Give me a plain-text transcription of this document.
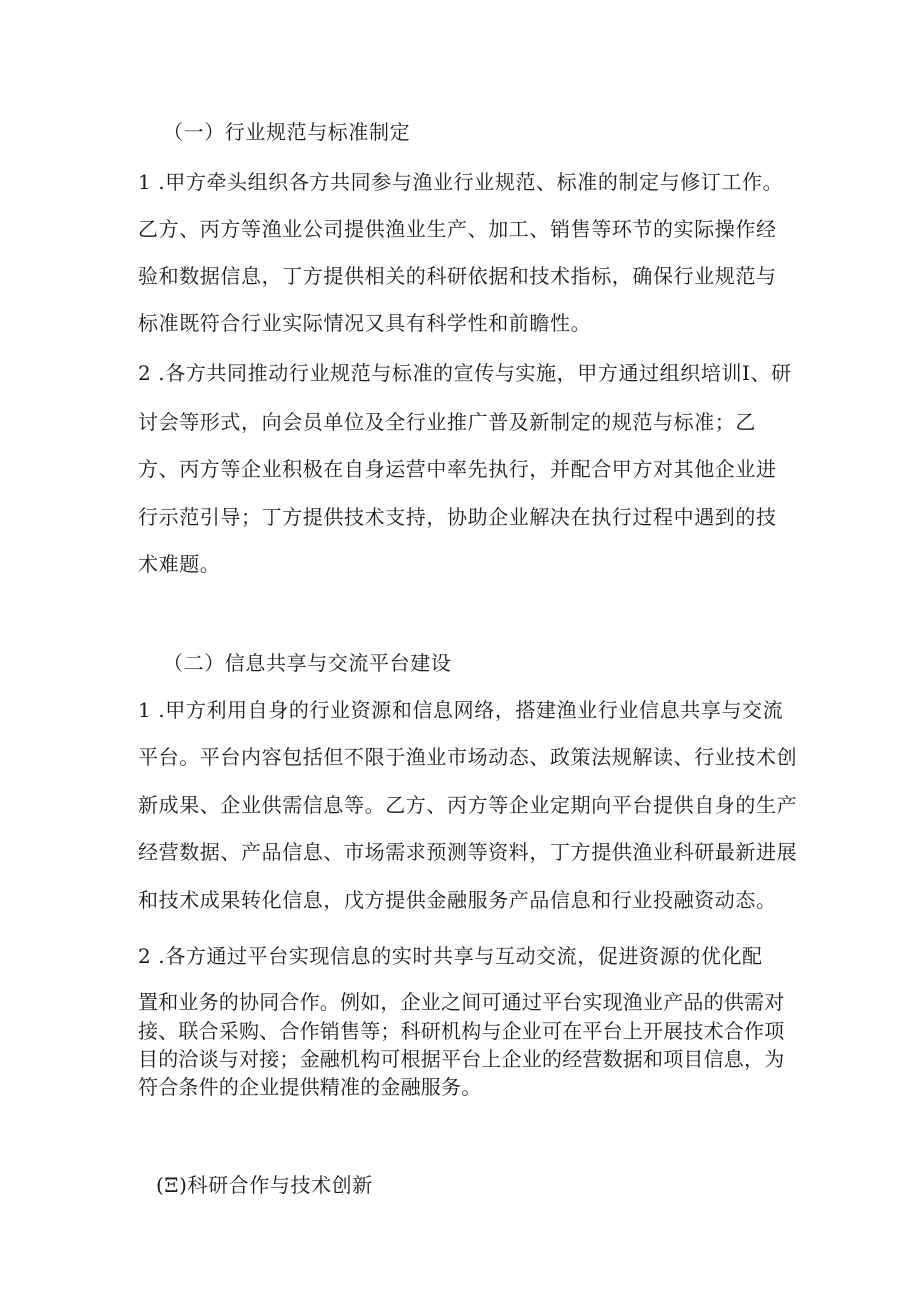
（一）行业规范与标准制定
1 .甲方牵头组织各方共同参与渔业行业规范、标准的制定与修订工作。
乙方、丙方等渔业公司提供渔业生产、加工、销售等环节的实际操作经
验和数据信息，丁方提供相关的科研依据和技术指标，确保行业规范与
标准既符合行业实际情况又具有科学性和前瞻性。
2 .各方共同推动行业规范与标准的宣传与实施，甲方通过组织培训I、研
讨会等形式，向会员单位及全行业推广普及新制定的规范与标准；乙
方、丙方等企业积极在自身运营中率先执行，并配合甲方对其他企业进
行示范引导；丁方提供技术支持，协助企业解决在执行过程中遇到的技
术难题。
（二）信息共享与交流平台建设
1 .甲方利用自身的行业资源和信息网络，搭建渔业行业信息共享与交流
平台。平台内容包括但不限于渔业市场动态、政策法规解读、行业技术创
新成果、企业供需信息等。乙方、丙方等企业定期向平台提供自身的生产
经营数据、产品信息、市场需求预测等资料，丁方提供渔业科研最新进展
和技术成果转化信息，戊方提供金融服务产品信息和行业投融资动态。
2 .各方通过平台实现信息的实时共享与互动交流，促进资源的优化配
置和业务的协同合作。例如，企业之间可通过平台实现渔业产品的供需对
接、联合采购、合作销售等；科研机构与企业可在平台上开展技术合作项
目的洽谈与对接；金融机构可根据平台上企业的经营数据和项目信息，为
符合条件的企业提供精准的金融服务。
(Ξ)科研合作与技术创新
